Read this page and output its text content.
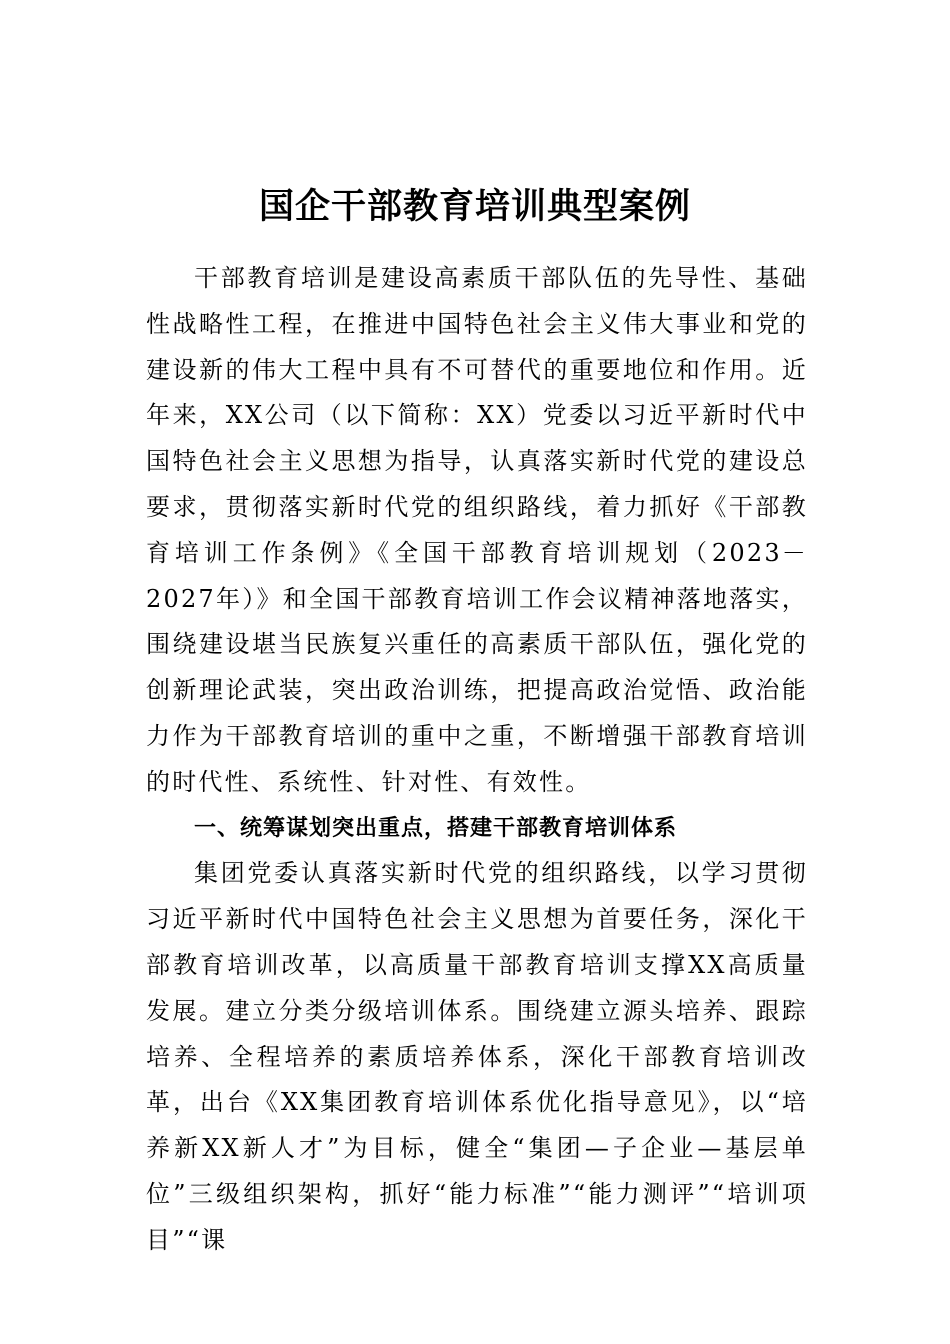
国企干部教育培训典型案例

干部教育培训是建设高素质干部队伍的先导性、基础性战略性工程，在推进中国特色社会主义伟大事业和党的建设新的伟大工程中具有不可替代的重要地位和作用。近年来，XX公司（以下简称：XX）党委以习近平新时代中国特色社会主义思想为指导，认真落实新时代党的建设总要求，贯彻落实新时代党的组织路线，着力抓好《干部教育培训工作条例》《全国干部教育培训规划（2023－2027年）》和全国干部教育培训工作会议精神落地落实，围绕建设堪当民族复兴重任的高素质干部队伍，强化党的创新理论武装，突出政治训练，把提高政治觉悟、政治能力作为干部教育培训的重中之重，不断增强干部教育培训的时代性、系统性、针对性、有效性。

一、统筹谋划突出重点，搭建干部教育培训体系

集团党委认真落实新时代党的组织路线，以学习贯彻习近平新时代中国特色社会主义思想为首要任务，深化干部教育培训改革，以高质量干部教育培训支撑XX高质量发展。建立分类分级培训体系。围绕建立源头培养、跟踪培养、全程培养的素质培养体系，深化干部教育培训改革，出台《XX集团教育培训体系优化指导意见》，以“培养新XX新人才”为目标，健全“集团—子企业—基层单位”三级组织架构，抓好“能力标准”“能力测评”“培训项目”“课
